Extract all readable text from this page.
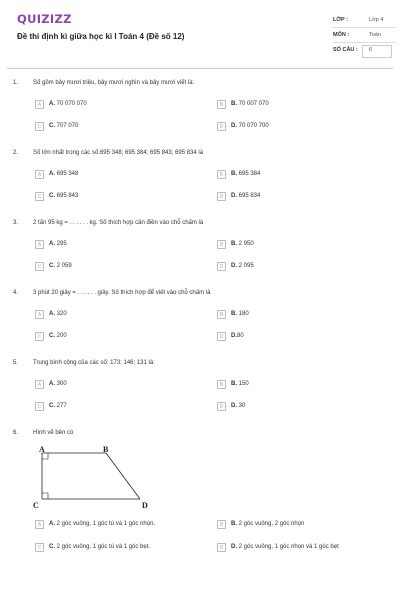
QUIZIZZ
Đề thi định kì giữa học kì I Toán 4 (Đề số 12)
LỚP :	Lớp 4
MÔN :	Toán
SỐ CÂU : 6
1. Số gồm bảy mươi triệu, bảy mươi nghìn và bảy mươi viết là:
A	A. 70 070 070	B	B. 70 007 070
C	C. 707 070	D	D. 70 070 700
2. Số lớn nhất trong các số:695 348; 695 384; 695 843; 695 834 là
A	A. 695 348	B	B. 695 384
C	C. 695 843	D	D. 695 834
3. 2 tấn 95 kg = . . . . . . kg. Số thích hợp cần điền vào chỗ chấm là
A	A. 295	B	B. 2 950
C	C. 2 059	D	D. 2 095
4. 3 phút 20 giây = . . . . . . giây. Số thích hợp để viết vào chỗ chấm là
A	A. 320	B	B. 180
C	C. 200	D	D.80
5. Trung bình cộng của các số: 173; 146; 131 là:
A	A. 300	B	B. 150
C	C. 277	D	D. 30
6. Hình vẽ bên có
A	B
C	D
A	A. 2 góc vuông, 1 góc tù và 1 góc nhọn.	B	B. 2 góc vuông, 2 góc nhọn
C	C. 2 góc vuông, 1 góc tù và 1 góc bẹt.	D	D. 2 góc vuông, 1 góc nhọn và 1 góc bẹt
